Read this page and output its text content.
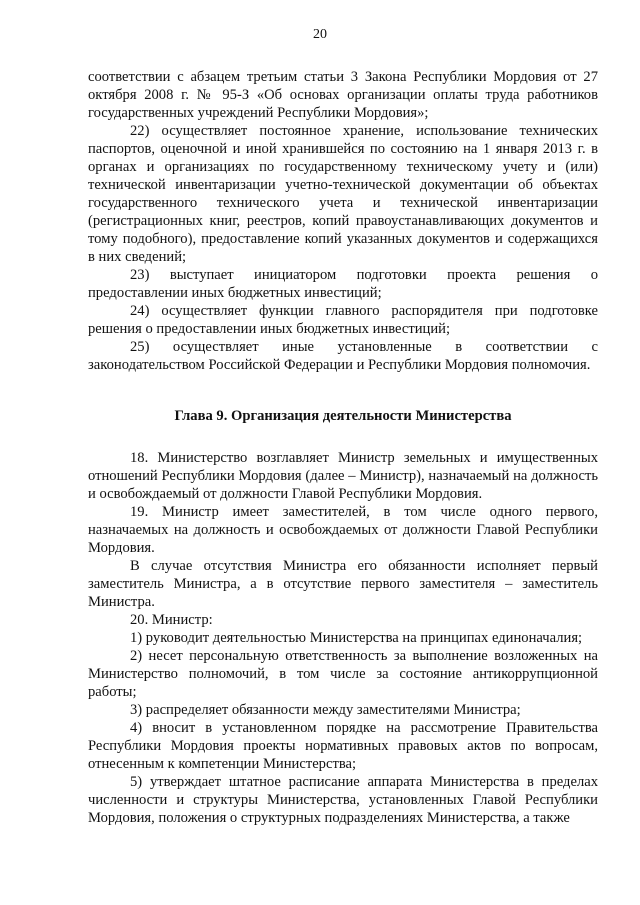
20

соответствии с абзацем третьим статьи 3 Закона Республики Мордовия от 27 октября 2008 г. № 95-З «Об основах организации оплаты труда работников государственных учреждений Республики Мордовия»;

22) осуществляет постоянное хранение, использование технических паспортов, оценочной и иной хранившейся по состоянию на 1 января 2013 г. в органах и организациях по государственному техническому учету и (или) технической инвентаризации учетно-технической документации об объектах государственного технического учета и технической инвентаризации (регистрационных книг, реестров, копий правоустанавливающих документов и тому подобного), предоставление копий указанных документов и содержащихся в них сведений;

23) выступает инициатором подготовки проекта решения о предоставлении иных бюджетных инвестиций;

24) осуществляет функции главного распорядителя при подготовке решения о предоставлении иных бюджетных инвестиций;

25) осуществляет иные установленные в соответствии с законодательством Российской Федерации и Республики Мордовия полномочия.

Глава 9. Организация деятельности Министерства

18. Министерство возглавляет Министр земельных и имущественных отношений Республики Мордовия (далее – Министр), назначаемый на должность и освобождаемый от должности Главой Республики Мордовия.

19. Министр имеет заместителей, в том числе одного первого, назначаемых на должность и освобождаемых от должности Главой Республики Мордовия.

В случае отсутствия Министра его обязанности исполняет первый заместитель Министра, а в отсутствие первого заместителя – заместитель Министра.

20. Министр:

1) руководит деятельностью Министерства на принципах единоначалия;

2) несет персональную ответственность за выполнение возложенных на Министерство полномочий, в том числе за состояние антикоррупционной работы;

3) распределяет обязанности между заместителями Министра;

4) вносит в установленном порядке на рассмотрение Правительства Республики Мордовия проекты нормативных правовых актов по вопросам, отнесенным к компетенции Министерства;

5) утверждает штатное расписание аппарата Министерства в пределах численности и структуры Министерства, установленных Главой Республики Мордовия, положения о структурных подразделениях Министерства, а также
